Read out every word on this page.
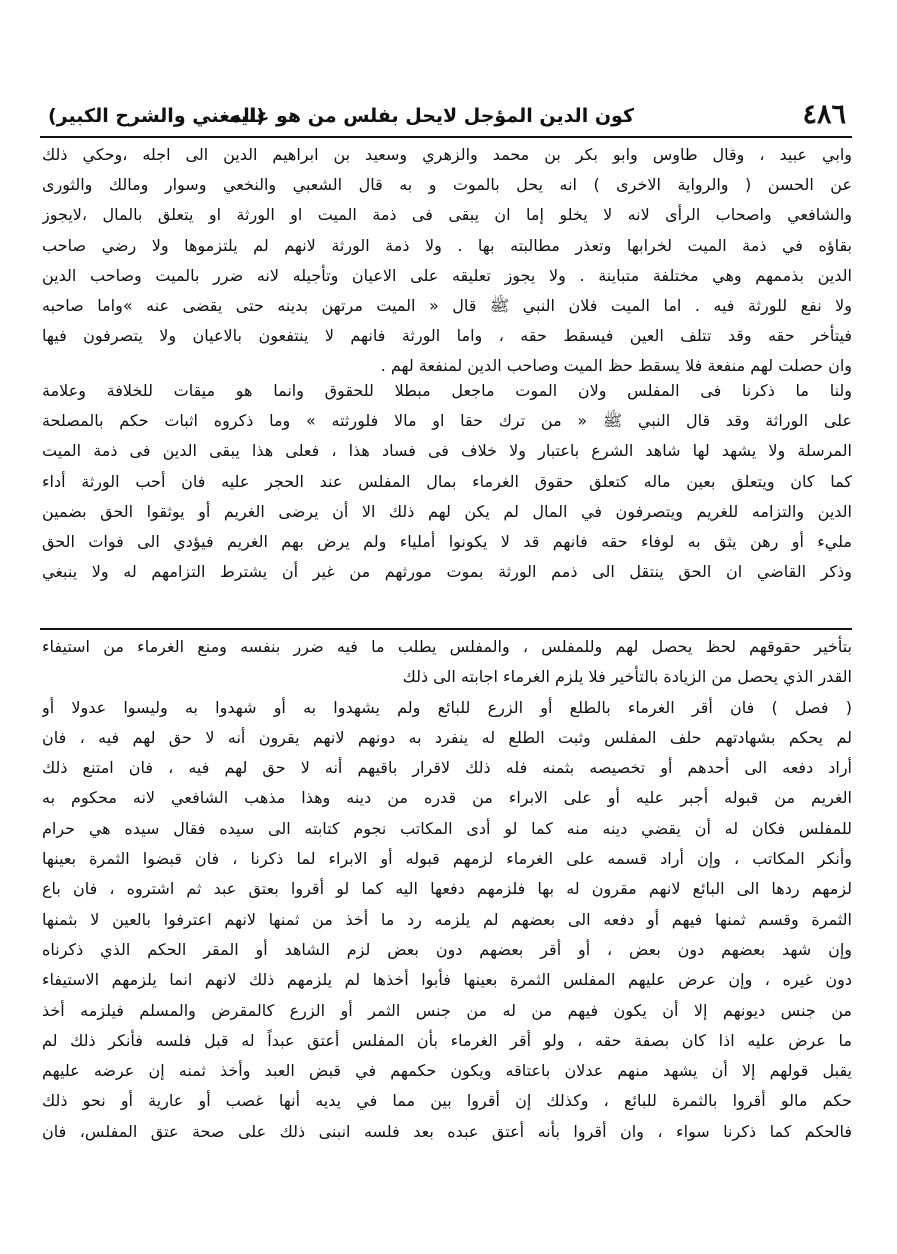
٤٨٦
كون الدين المؤجل لايحل بفلس من هو عليه
(المغني والشرح الكبير)
وابي عبيد ، وقال طاوس وابو بكر بن محمد والزهري وسعيد بن ابراهيم الدين الى اجله ،وحكي ذلك
عن الحسن ( والرواية الاخرى ) انه يحل بالموت و به قال الشعبي والنخعي وسوار ومالك والثورى
والشافعي واصحاب الرأى لانه لا يخلو إما ان يبقى فى ذمة الميت او الورثة او يتعلق بالمال ،لايجوز
بقاؤه في ذمة الميت لخرابها وتعذر مطالبته بها . ولا ذمة الورثة لانهم لم يلتزموها ولا رضي صاحب
الدين بذممهم وهي مختلفة متباينة . ولا يجوز تعليقه على الاعيان وتأجيله لانه ضرر بالميت وصاحب الدين
ولا نفع للورثة فيه . اما الميت فلان النبي ﷺ قال « الميت مرتهن بدينه حتى يقضى عنه »واما صاحبه
فيتأخر حقه وقد تتلف العين فيسقط حقه ، واما الورثة فانهم لا ينتفعون بالاعيان ولا يتصرفون فيها
وان حصلت لهم منفعة فلا يسقط حظ الميت وصاحب الدين لمنفعة لهم .
ولنا ما ذكرنا فى المفلس ولان الموت ماجعل مبطلا للحقوق وانما هو ميقات للخلافة وعلامة
على الوراثة وقد قال النبي ﷺ « من ترك حقا او مالا فلورثته » وما ذكروه اثبات حكم بالمصلحة
المرسلة ولا يشهد لها شاهد الشرع باعتبار ولا خلاف فى فساد هذا ، فعلى هذا يبقى الدين فى ذمة الميت
كما كان ويتعلق بعين ماله كتعلق حقوق الغرماء بمال المفلس عند الحجر عليه فان أحب الورثة أداء
الدين والتزامه للغريم ويتصرفون في المال لم يكن لهم ذلك الا أن يرضى الغريم أو يوثقوا الحق بضمين
مليء أو رهن يثق به لوفاء حقه فانهم قد لا يكونوا أملياء ولم يرض بهم الغريم فيؤدي الى فوات الحق
وذكر القاضي ان الحق ينتقل الى ذمم الورثة بموت مورثهم من غير أن يشترط التزامهم له ولا ينبغي
بتأخير حقوقهم لحظ يحصل لهم وللمفلس ، والمفلس يطلب ما فيه ضرر بنفسه ومنع الغرماء من استيفاء
القدر الذي يحصل من الزيادة بالتأخير فلا يلزم الغرماء اجابته الى ذلك
( فصل ) فان أقر الغرماء بالطلع أو الزرع للبائع ولم يشهدوا به أو شهدوا به وليسوا عدولا أو
لم يحكم بشهادتهم حلف المفلس وثبت الطلع له ينفرد به دونهم لانهم يقرون أنه لا حق لهم فيه ، فان
أراد دفعه الى أحدهم أو تخصيصه بثمنه فله ذلك لاقرار باقيهم أنه لا حق لهم فيه ، فان امتنع ذلك
الغريم من قبوله أجبر عليه أو على الابراء من قدره من دينه وهذا مذهب الشافعي لانه محكوم به
للمفلس فكان له أن يقضي دينه منه كما لو أدى المكاتب نجوم كتابته الى سيده فقال سيده هي حرام
وأنكر المكاتب ، وإن أراد قسمه على الغرماء لزمهم قبوله أو الابراء لما ذكرنا ، فان قبضوا الثمرة بعينها
لزمهم ردها الى البائع لانهم مقرون له بها فلزمهم دفعها اليه كما لو أقروا بعتق عبد ثم اشتروه ، فان باع
الثمرة وقسم ثمنها فيهم أو دفعه الى بعضهم لم يلزمه رد ما أخذ من ثمنها لانهم اعترفوا بالعين لا بثمنها
وإن شهد بعضهم دون بعض ، أو أقر بعضهم دون بعض لزم الشاهد أو المقر الحكم الذي ذكرناه
دون غيره ، وإن عرض عليهم المفلس الثمرة بعينها فأبوا أخذها لم يلزمهم ذلك لانهم انما يلزمهم الاستيفاء
من جنس ديونهم إلا أن يكون فيهم من له من جنس الثمر أو الزرع كالمقرض والمسلم فيلزمه أخذ
ما عرض عليه اذا كان بصفة حقه ، ولو أقر الغرماء بأن المفلس أعتق عبداً له قبل فلسه فأنكر ذلك لم
يقبل قولهم إلا أن يشهد منهم عدلان باعتاقه ويكون حكمهم في قبض العبد وأخذ ثمنه إن عرضه عليهم
حكم مالو أقروا بالثمرة للبائع ، وكذلك إن أقروا بين مما في يديه أنها غصب أو عارية أو نحو ذلك
فالحكم كما ذكرنا سواء ، وان أقروا بأنه أعتق عبده بعد فلسه انبنى ذلك على صحة عتق المفلس، فان
